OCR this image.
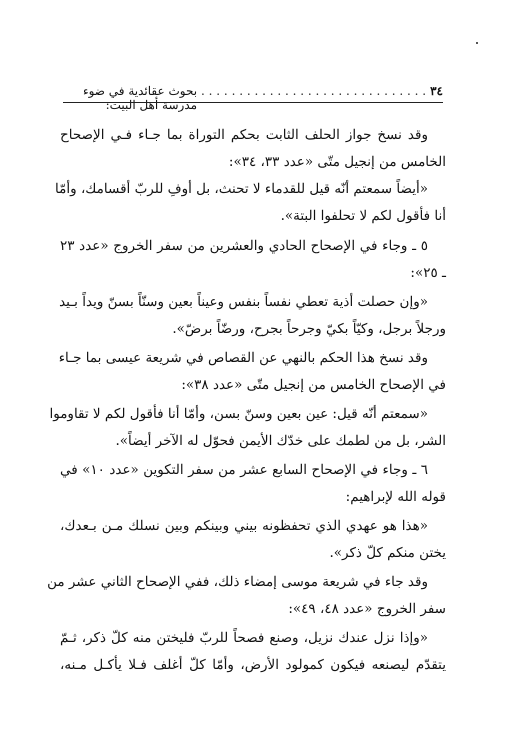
٣٤
. . . . . . . . . . . . . . . . . . . . . . . . . . . . . .
بحوث عقائدية في ضوء مدرسة أهل البيت:
وقد نسخ جواز الحلف الثابت بحكم التوراة بما جـاء فـي الإصحاح
الخامس من إنجيل متّى «عدد ٣٣، ٣٤»:
«أيضاً سمعتم أنّه قيل للقدماء لا تحنث، بل أوفِ للربّ أقسامك، وأمّا
أنا فأقول لكم لا تحلفوا البتة».
٥ ـ وجاء في الإصحاح الحادي والعشرين من سفر الخروج «عدد ٢٣
ـ ٢٥»:
«وإن حصلت أذية تعطي نفساً بنفس وعيناً بعين وسنّاً بسنّ ويداً بـيد
ورجلاً برجل، وكيّاً بكيّ وجرحاً بجرح، ورضّاً برضّ».
وقد نسخ هذا الحكم بالنهي عن القصاص في شريعة عيسى بما جـاء
في الإصحاح الخامس من إنجيل متّى «عدد ٣٨»:
«سمعتم أنّه قيل: عين بعين وسنّ بسن، وأمّا أنا فأقول لكم لا تقاوموا
الشر، بل من لطمك على خدّك الأيمن فحوّل له الآخر أيضاً».
٦ ـ وجاء في الإصحاح السابع عشر من سفر التكوين «عدد ١٠» في
قوله الله لإبراهيم:
«هذا هو عهدي الذي تحفظونه بيني وبينكم وبين نسلك مـن بـعدك،
يختن منكم كلّ ذكر».
وقد جاء في شريعة موسى إمضاء ذلك، ففي الإصحاح الثاني عشر من
سفر الخروج «عدد ٤٨، ٤٩»:
«وإذا نزل عندك نزيل، وصنع فصحاً للربّ فليختن منه كلّ ذكر، ثـمّ
يتقدّم ليصنعه فيكون كمولود الأرض، وأمّا كلّ أغلف فـلا يأكـل مـنه،
